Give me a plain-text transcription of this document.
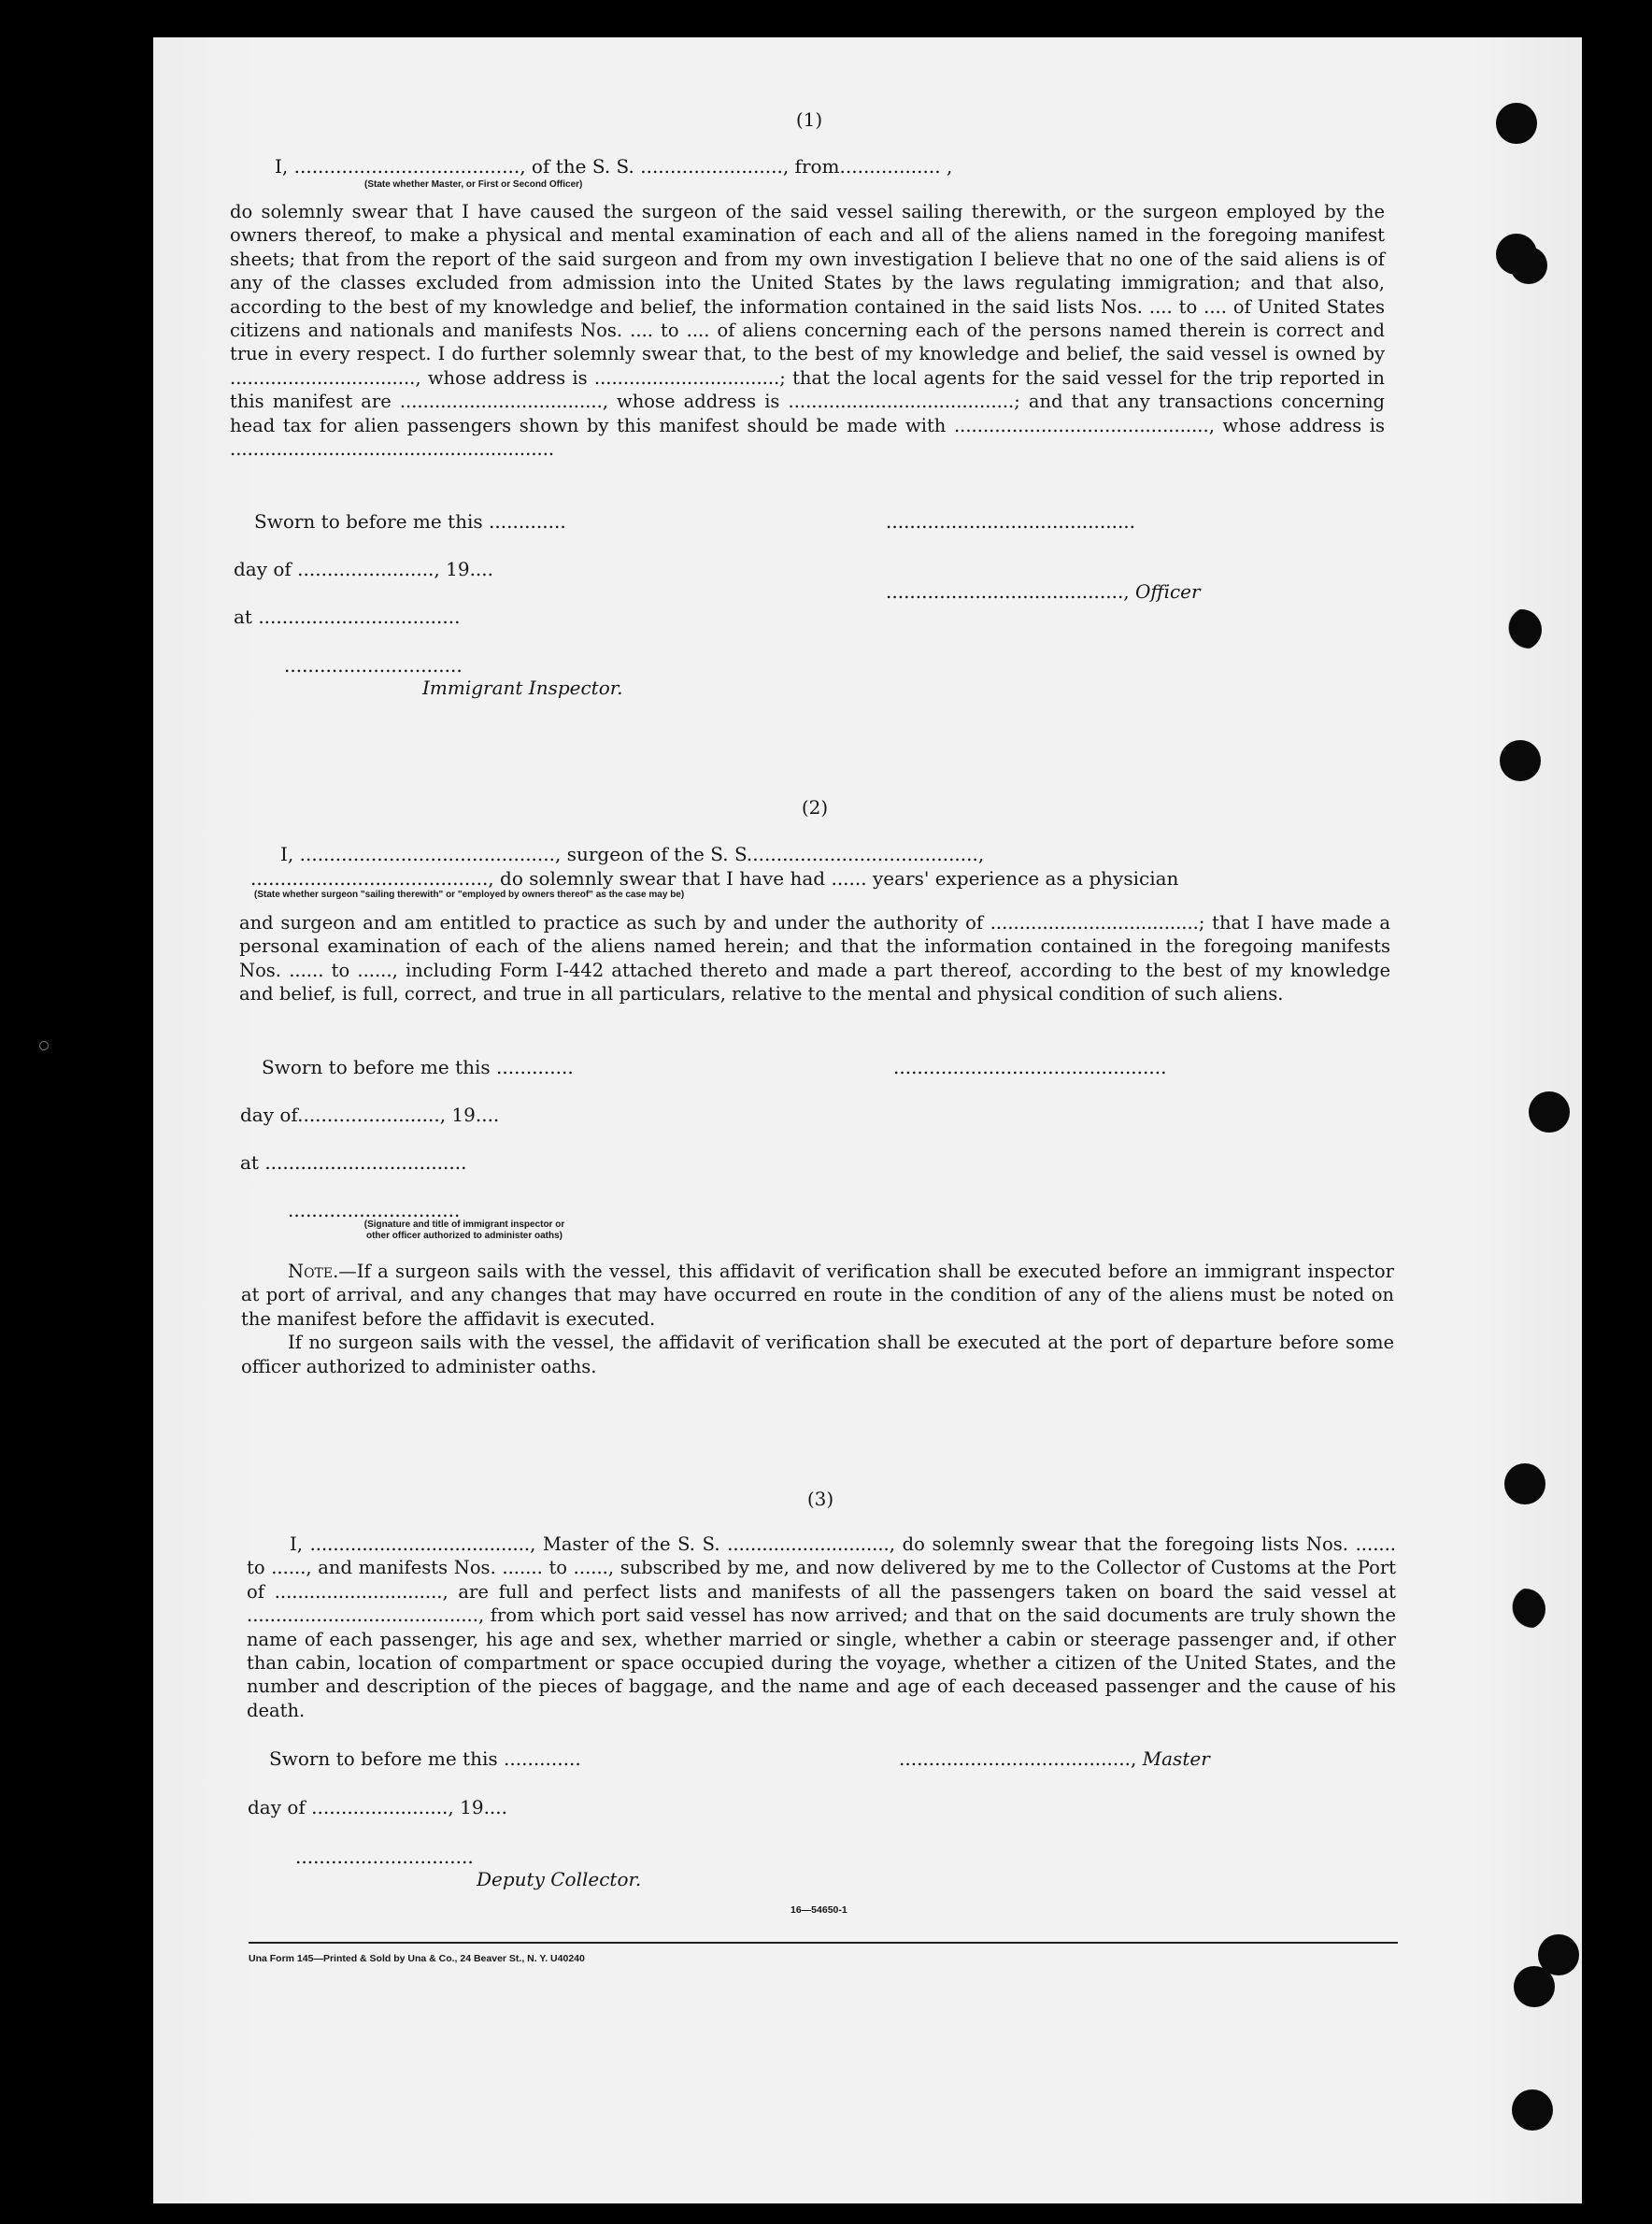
(1)
I, ......................................, of the S. S. ........................, from................. ,
(State whether Master, or First or Second Officer)
do solemnly swear that I have caused the surgeon of the said vessel sailing therewith, or the surgeon employed by the owners thereof, to make a physical and mental examination of each and all of the aliens named in the foregoing manifest sheets; that from the report of the said surgeon and from my own investigation I believe that no one of the said aliens is of any of the classes excluded from admission into the United States by the laws regulating immigration; and that also, according to the best of my knowledge and belief, the information contained in the said lists Nos. .... to .... of United States citizens and nationals and manifests Nos. .... to .... of aliens concerning each of the persons named therein is correct and true in every respect. I do further solemnly swear that, to the best of my knowledge and belief, the said vessel is owned by ................................, whose address is ................................; that the local agents for the said vessel for the trip reported in this manifest are ..................................., whose address is .......................................; and that any transactions concerning head tax for alien passengers shown by this manifest should be made with ............................................, whose address is ........................................................
Sworn to before me this .............	..........................................
day of ......................., 19....
........................................, Officer
at ..................................
..............................
Immigrant Inspector.
(2)
I, ..........................................., surgeon of the S. S.......................................,
........................................, do solemnly swear that I have had ...... years' experience as a physician
(State whether surgeon "sailing therewith" or "employed by owners thereof" as the case may be)
and surgeon and am entitled to practice as such by and under the authority of ....................................; that I have made a personal examination of each of the aliens named herein; and that the information contained in the foregoing manifests Nos. ...... to ......, including Form I-442 attached thereto and made a part thereof, according to the best of my knowledge and belief, is full, correct, and true in all particulars, relative to the mental and physical condition of such aliens.
Sworn to before me this .............	..............................................
day of........................, 19....
at ..................................
.............................
(Signature and title of immigrant inspector or
other officer authorized to administer oaths)

Note.—If a surgeon sails with the vessel, this affidavit of verification shall be executed before an immigrant inspector at port of arrival, and any changes that may have occurred en route in the condition of any of the aliens must be noted on the manifest before the affidavit is executed.

If no surgeon sails with the vessel, the affidavit of verification shall be executed at the port of departure before some officer authorized to administer oaths.

(3)

I, ......................................, Master of the S. S. ............................, do solemnly swear that the foregoing lists Nos. ....... to ......, and manifests Nos. ....... to ......, subscribed by me, and now delivered by me to the Collector of Customs at the Port of ............................., are full and perfect lists and manifests of all the passengers taken on board the said vessel at ........................................, from which port said vessel has now arrived; and that on the said documents are truly shown the name of each passenger, his age and sex, whether married or single, whether a cabin or steerage passenger and, if other than cabin, location of compartment or space occupied during the voyage, whether a citizen of the United States, and the number and description of the pieces of baggage, and the name and age of each deceased passenger and the cause of his death.

Sworn to before me this .............	......................................., Master
day of ......................., 19....
..............................
Deputy Collector.
16—54650-1
Una Form 145—Printed & Sold by Una & Co., 24 Beaver St., N. Y. U40240
